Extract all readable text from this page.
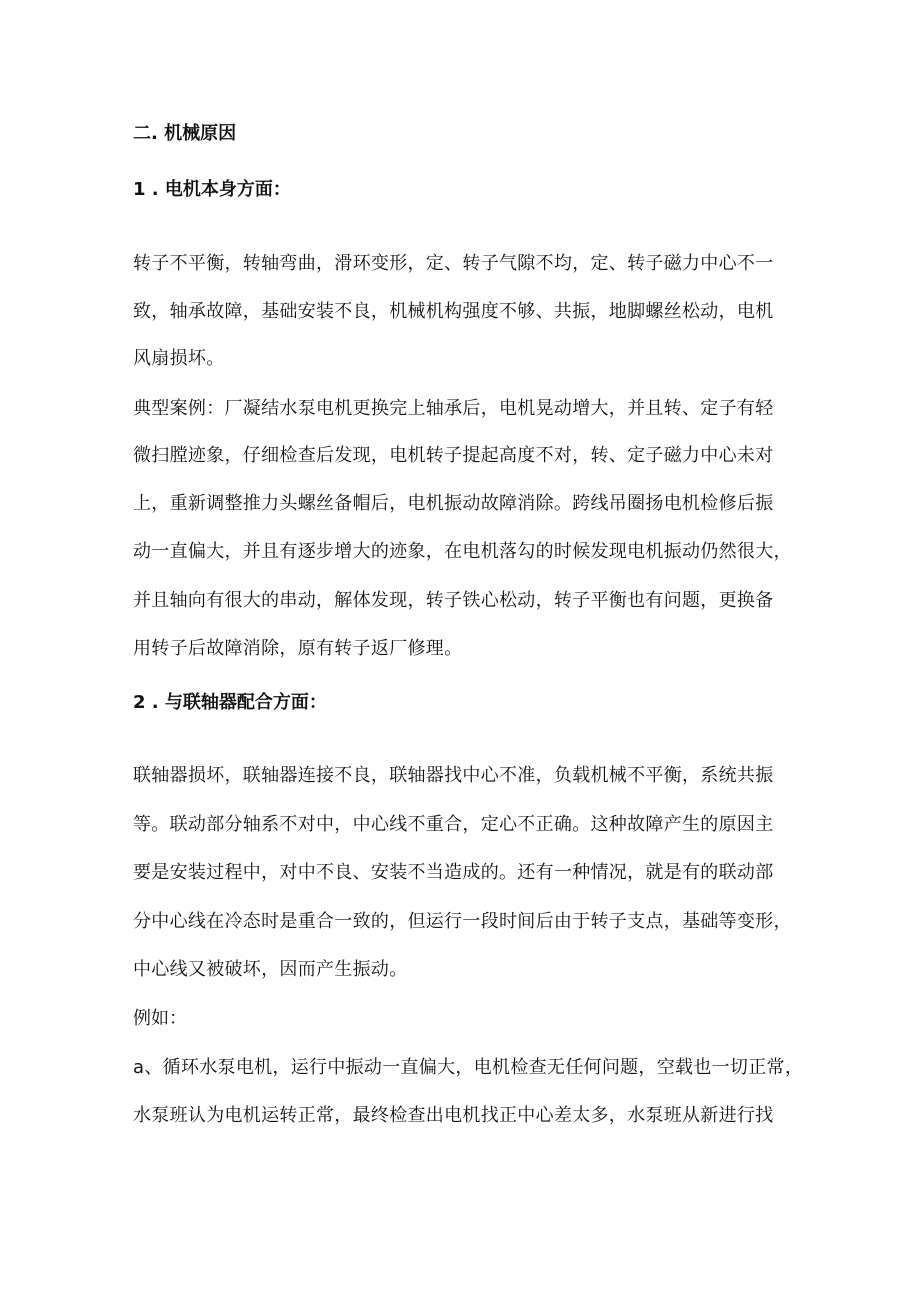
二. 机械原因

1 . 电机本身方面：

转子不平衡，转轴弯曲，滑环变形，定、转子气隙不均，定、转子磁力中心不一

致，轴承故障，基础安装不良，机械机构强度不够、共振，地脚螺丝松动，电机

风扇损坏。

典型案例：厂凝结水泵电机更换完上轴承后，电机晃动增大，并且转、定子有轻

微扫膛迹象，仔细检查后发现，电机转子提起高度不对，转、定子磁力中心未对

上，重新调整推力头螺丝备帽后，电机振动故障消除。跨线吊圈扬电机检修后振

动一直偏大，并且有逐步增大的迹象，在电机落勾的时候发现电机振动仍然很大，

并且轴向有很大的串动，解体发现，转子铁心松动，转子平衡也有问题，更换备

用转子后故障消除，原有转子返厂修理。

2 . 与联轴器配合方面：

联轴器损坏，联轴器连接不良，联轴器找中心不准，负载机械不平衡，系统共振

等。联动部分轴系不对中，中心线不重合，定心不正确。这种故障产生的原因主

要是安装过程中，对中不良、安装不当造成的。还有一种情况，就是有的联动部

分中心线在冷态时是重合一致的，但运行一段时间后由于转子支点，基础等变形，

中心线又被破坏，因而产生振动。

例如：

a、循环水泵电机，运行中振动一直偏大，电机检查无任何问题，空载也一切正常，

水泵班认为电机运转正常，最终检查出电机找正中心差太多，水泵班从新进行找
